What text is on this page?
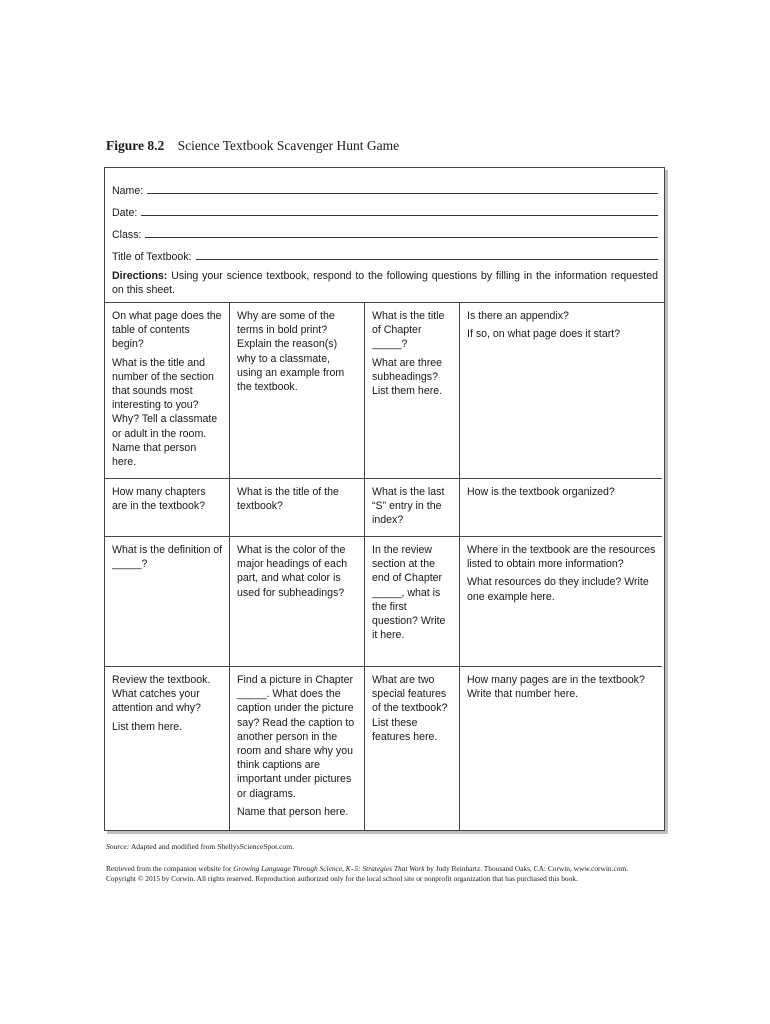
Figure 8.2 Science Textbook Scavenger Hunt Game
Name:
Date:
Class:
Title of Textbook:
Directions: Using your science textbook, respond to the following questions by filling in the information requested on this sheet.

On what page does the table of contents begin?

What is the title and number of the section that sounds most interesting to you? Why? Tell a classmate or adult in the room. Name that person here.

Why are some of the terms in bold print? Explain the reason(s) why to a classmate, using an example from the textbook.

What is the title of Chapter _____?

What are three subheadings? List them here.

Is there an appendix?

If so, on what page does it start?

How many chapters are in the textbook?

What is the title of the textbook?

What is the last “S” entry in the index?

How is the textbook organized?

What is the definition of _____?

What is the color of the major headings of each part, and what color is used for subheadings?

In the review section at the end of Chapter _____, what is the first question? Write it here.

Where in the textbook are the resources listed to obtain more information?

What resources do they include? Write one example here.

Review the textbook. What catches your attention and why?

List them here.

Find a picture in Chapter _____. What does the caption under the picture say? Read the caption to another person in the room and share why you think captions are important under pictures or diagrams.

Name that person here.

What are two special features of the textbook? List these features here.

How many pages are in the textbook? Write that number here.

Source: Adapted and modified from ShellysScienceSpot.com.
Retrieved from the companion website for Growing Language Through Science, K–5: Strategies That Work by Judy Reinhartz. Thousand Oaks, CA: Corwin, www.corwin.com.
Copyright © 2015 by Corwin. All rights reserved. Reproduction authorized only for the local school site or nonprofit organization that has purchased this book.
